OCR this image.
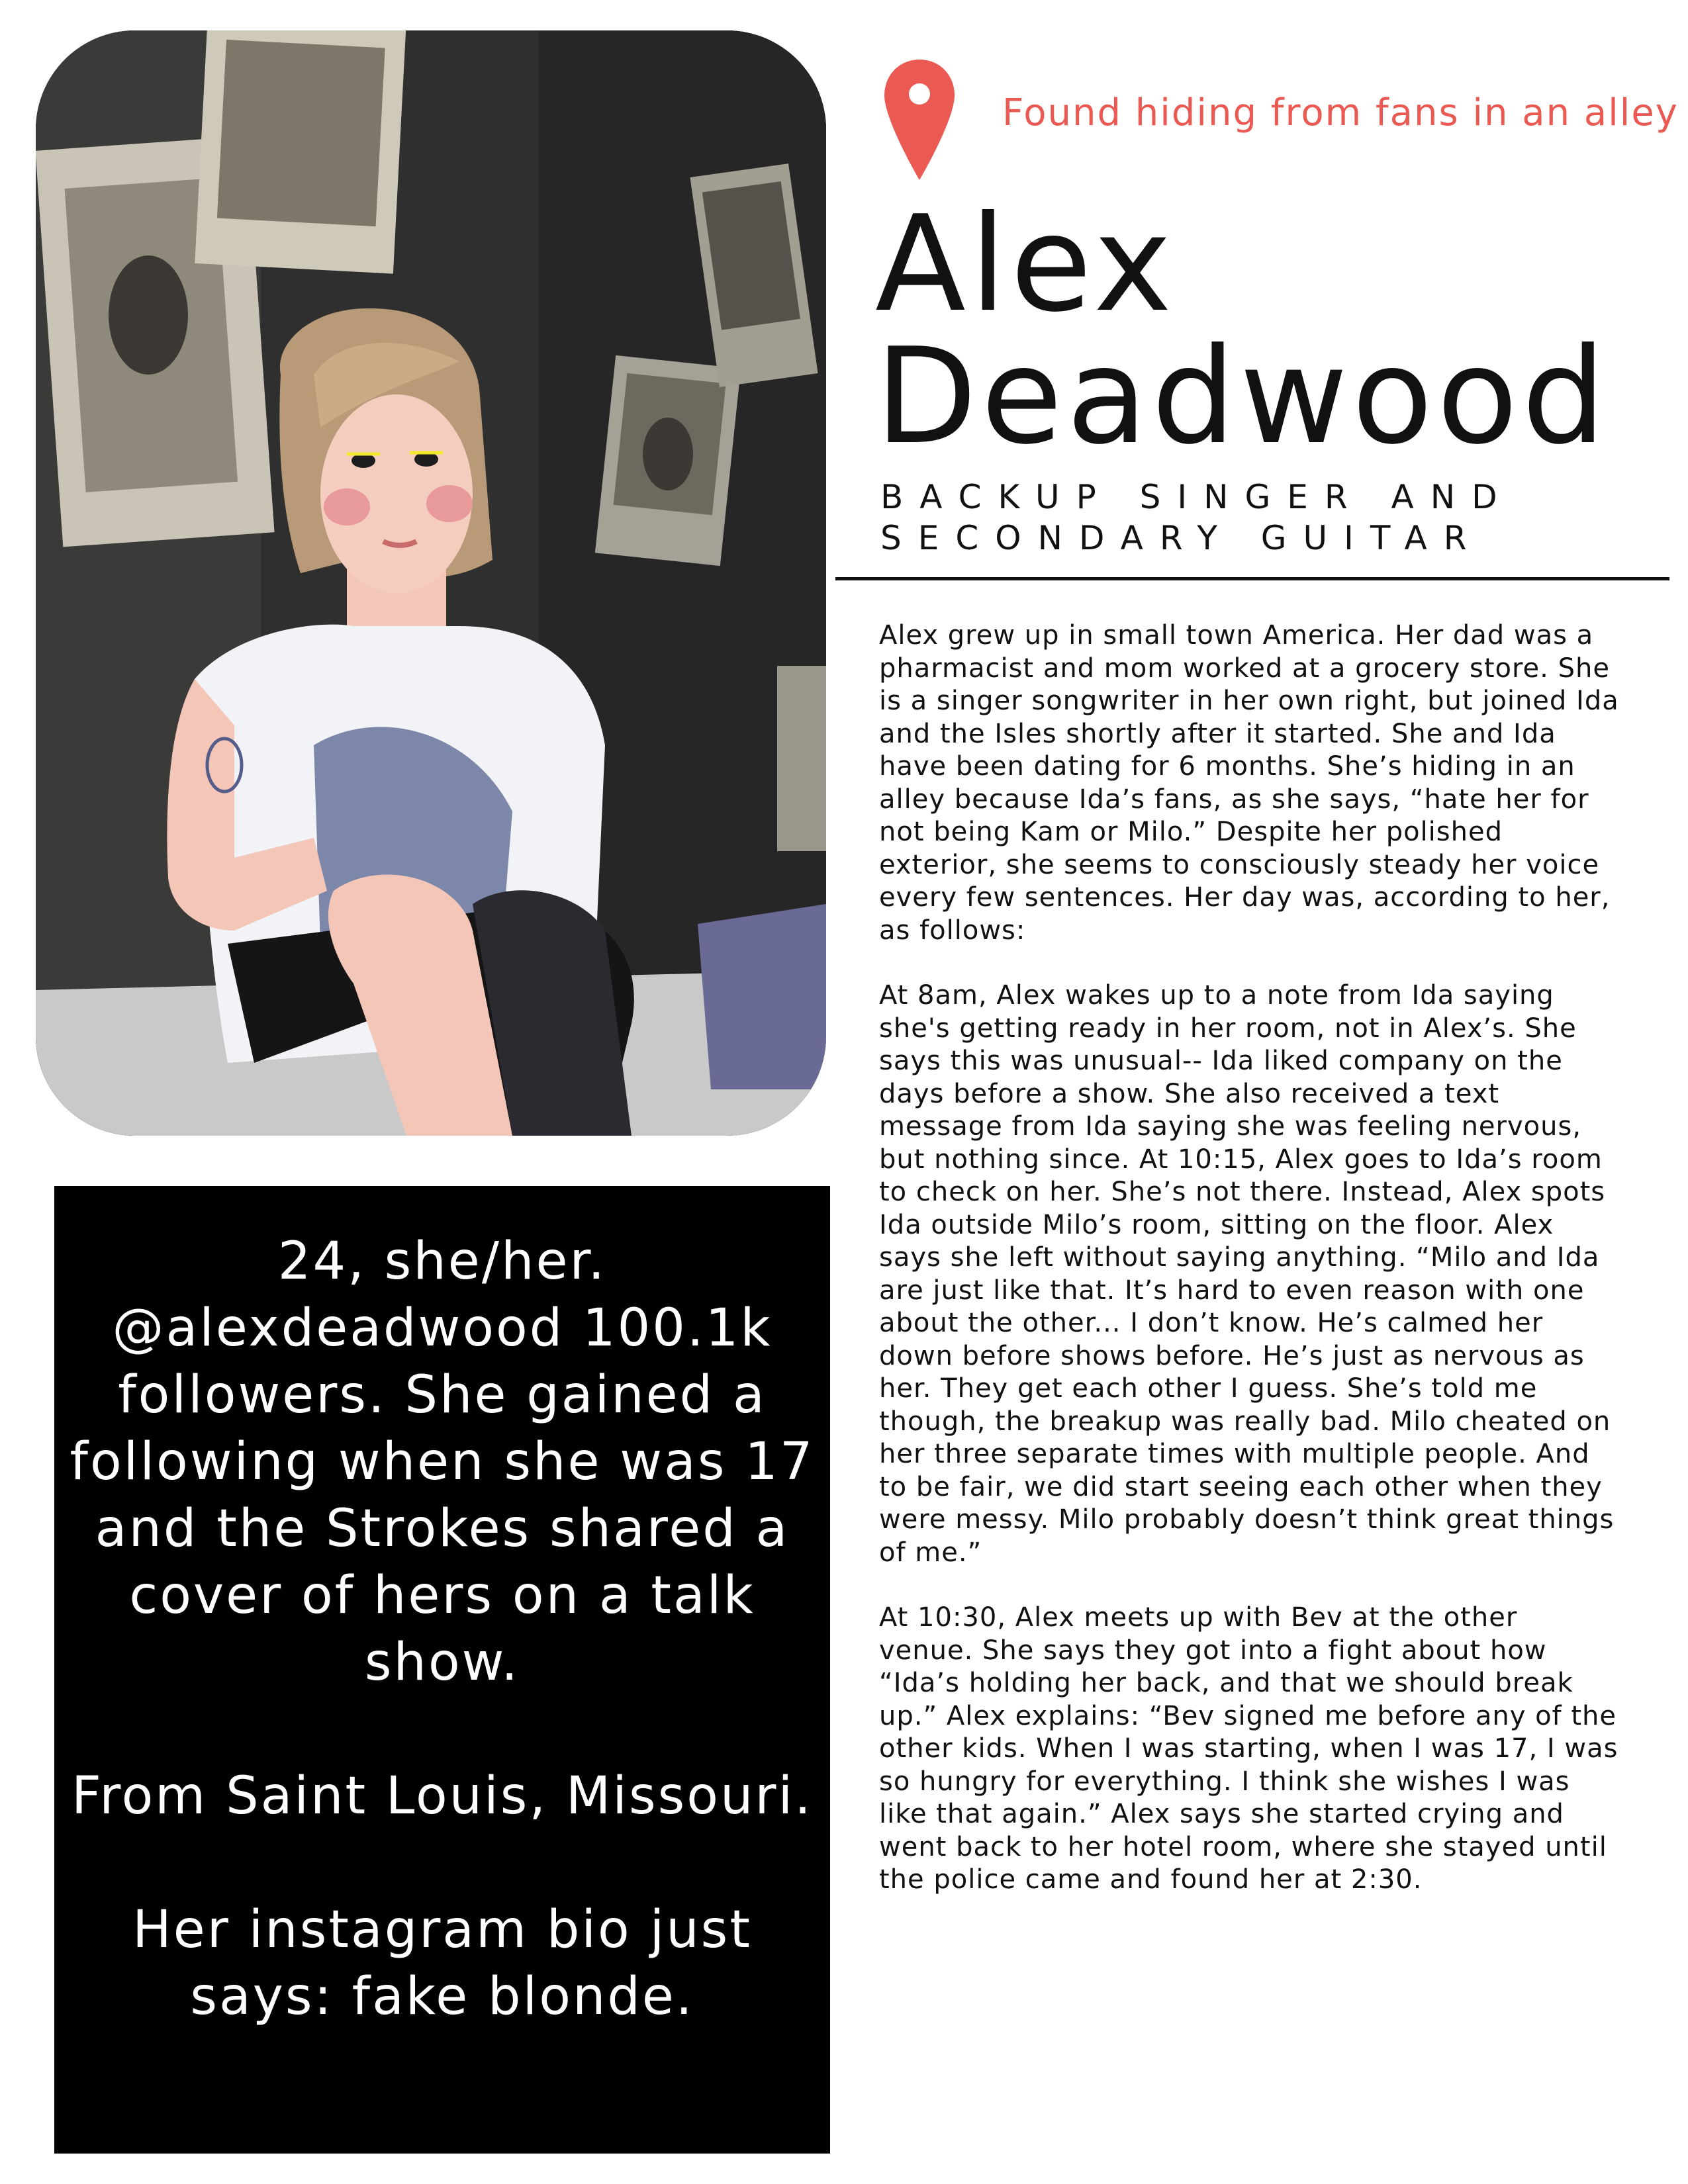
Found hiding from fans in an alley
Alex
Deadwood
BACKUP SINGER AND
SECONDARY GUITAR

Alex grew up in small town America. Her dad was a pharmacist and mom worked at a grocery store. She is a singer songwriter in her own right, but joined Ida and the Isles shortly after it started. She and Ida have been dating for 6 months. She’s hiding in an alley because Ida’s fans, as she says, “hate her for not being Kam or Milo.” Despite her polished exterior, she seems to consciously steady her voice every few sentences. Her day was, according to her, as follows:

At 8am, Alex wakes up to a note from Ida saying she's getting ready in her room, not in Alex’s. She says this was unusual-- Ida liked company on the days before a show. She also received a text message from Ida saying she was feeling nervous, but nothing since. At 10:15, Alex goes to Ida’s room to check on her. She’s not there. Instead, Alex spots Ida outside Milo’s room, sitting on the floor. Alex says she left without saying anything. “Milo and Ida are just like that. It’s hard to even reason with one about the other... I don’t know. He’s calmed her down before shows before. He’s just as nervous as her. They get each other I guess. She’s told me though, the breakup was really bad. Milo cheated on her three separate times with multiple people. And to be fair, we did start seeing each other when they were messy. Milo probably doesn’t think great things of me.”

At 10:30, Alex meets up with Bev at the other venue. She says they got into a fight about how “Ida’s holding her back, and that we should break up.” Alex explains: “Bev signed me before any of the other kids. When I was starting, when I was 17, I was so hungry for everything. I think she wishes I was like that again.” Alex says she started crying and went back to her hotel room, where she stayed until the police came and found her at 2:30.

24, she/her. @alexdeadwood 100.1k followers. She gained a following when she was 17 and the Strokes shared a cover of hers on a talk show.

From Saint Louis, Missouri.

Her instagram bio just says: fake blonde.
